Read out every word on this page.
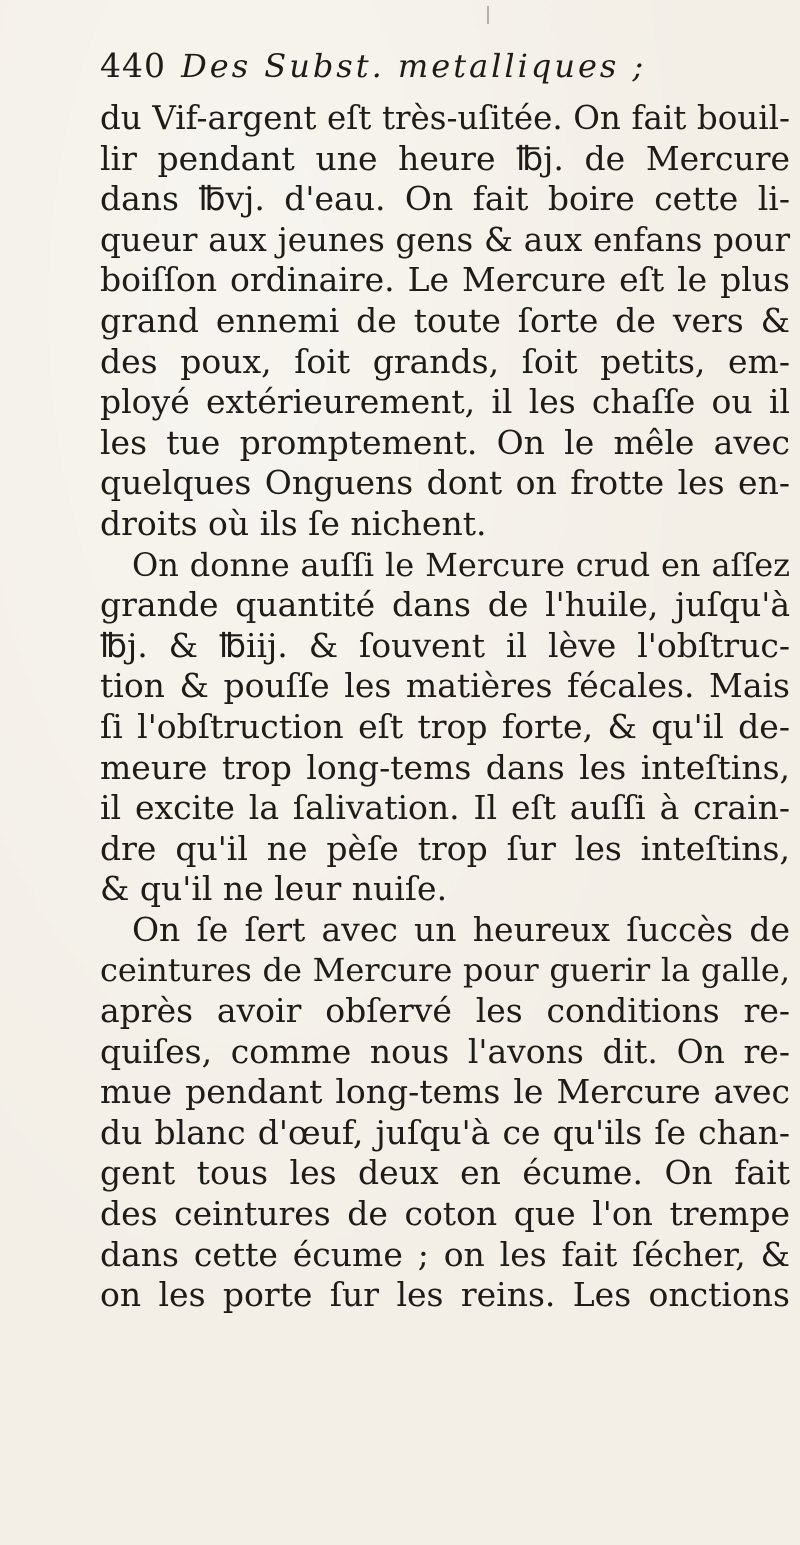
440 Des Subst. metalliques ;
du Vif-argent eſt très-uſitée. On fait bouil-
lir pendant une heure ℔j. de Mercure
dans ℔vj. d'eau. On fait boire cette li-
queur aux jeunes gens & aux enfans pour
boiſſon ordinaire. Le Mercure eſt le plus
grand ennemi de toute ſorte de vers &
des poux, ſoit grands, ſoit petits, em-
ployé extérieurement, il les chaſſe ou il
les tue promptement. On le mêle avec
quelques Onguens dont on frotte les en-
droits où ils ſe nichent.
On donne auſſi le Mercure crud en aſſez
grande quantité dans de l'huile, juſqu'à
℔j. & ℔iij. & ſouvent il lève l'obſtruc-
tion & pouſſe les matières fécales. Mais
ſi l'obſtruction eſt trop forte, & qu'il de-
meure trop long-tems dans les inteſtins,
il excite la ſalivation. Il eſt auſſi à crain-
dre qu'il ne pèſe trop ſur les inteſtins,
& qu'il ne leur nuiſe.
On ſe ſert avec un heureux ſuccès de
ceintures de Mercure pour guerir la galle,
après avoir obſervé les conditions re-
quiſes, comme nous l'avons dit. On re-
mue pendant long-tems le Mercure avec
du blanc d'œuf, juſqu'à ce qu'ils ſe chan-
gent tous les deux en écume. On fait
des ceintures de coton que l'on trempe
dans cette écume ; on les fait ſécher, &
on les porte ſur les reins. Les onctions
